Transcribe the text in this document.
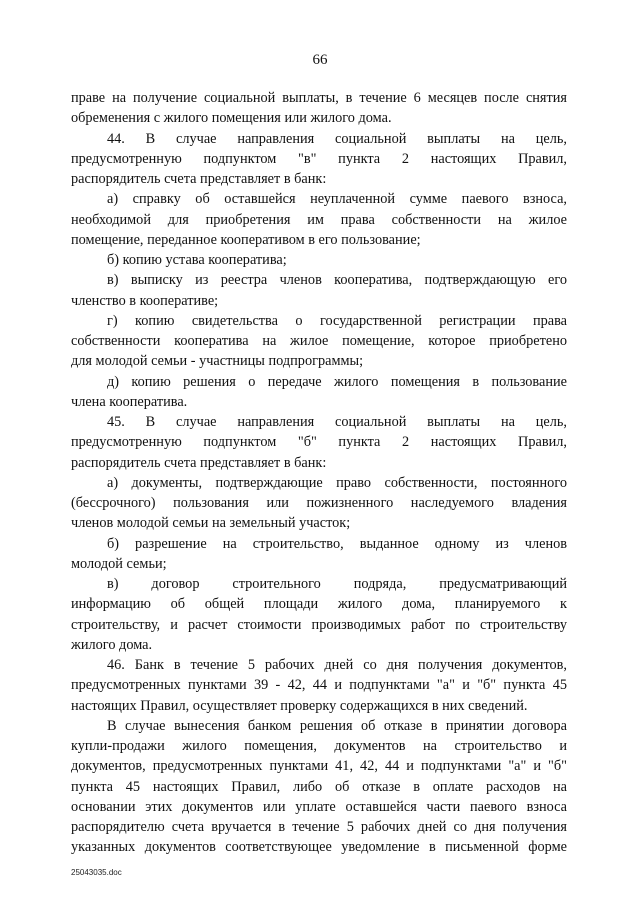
66
праве на получение социальной выплаты, в течение 6 месяцев после снятия
обременения с жилого помещения или жилого дома.
44. В случае направления социальной выплаты на цель,
предусмотренную подпунктом "в" пункта 2 настоящих Правил,
распорядитель счета представляет в банк:
а) справку об оставшейся неуплаченной сумме паевого взноса,
необходимой для приобретения им права собственности на жилое
помещение, переданное кооперативом в его пользование;
б) копию устава кооператива;
в) выписку из реестра членов кооператива, подтверждающую его
членство в кооперативе;
г) копию свидетельства о государственной регистрации права
собственности кооператива на жилое помещение, которое приобретено
для молодой семьи - участницы подпрограммы;
д) копию решения о передаче жилого помещения в пользование
члена кооператива.
45. В случае направления социальной выплаты на цель,
предусмотренную подпунктом "б" пункта 2 настоящих Правил,
распорядитель счета представляет в банк:
а) документы, подтверждающие право собственности, постоянного
(бессрочного) пользования или пожизненного наследуемого владения
членов молодой семьи на земельный участок;
б) разрешение на строительство, выданное одному из членов
молодой семьи;
в) договор строительного подряда, предусматривающий
информацию об общей площади жилого дома, планируемого к
строительству, и расчет стоимости производимых работ по строительству
жилого дома.
46. Банк в течение 5 рабочих дней со дня получения документов,
предусмотренных пунктами 39 - 42, 44 и подпунктами "а" и "б" пункта 45
настоящих Правил, осуществляет проверку содержащихся в них сведений.
В случае вынесения банком решения об отказе в принятии договора
купли-продажи жилого помещения, документов на строительство и
документов, предусмотренных пунктами 41, 42, 44 и подпунктами "а" и "б"
пункта 45 настоящих Правил, либо об отказе в оплате расходов на
основании этих документов или уплате оставшейся части паевого взноса
распорядителю счета вручается в течение 5 рабочих дней со дня получения
указанных документов соответствующее уведомление в письменной форме
25043035.doc
